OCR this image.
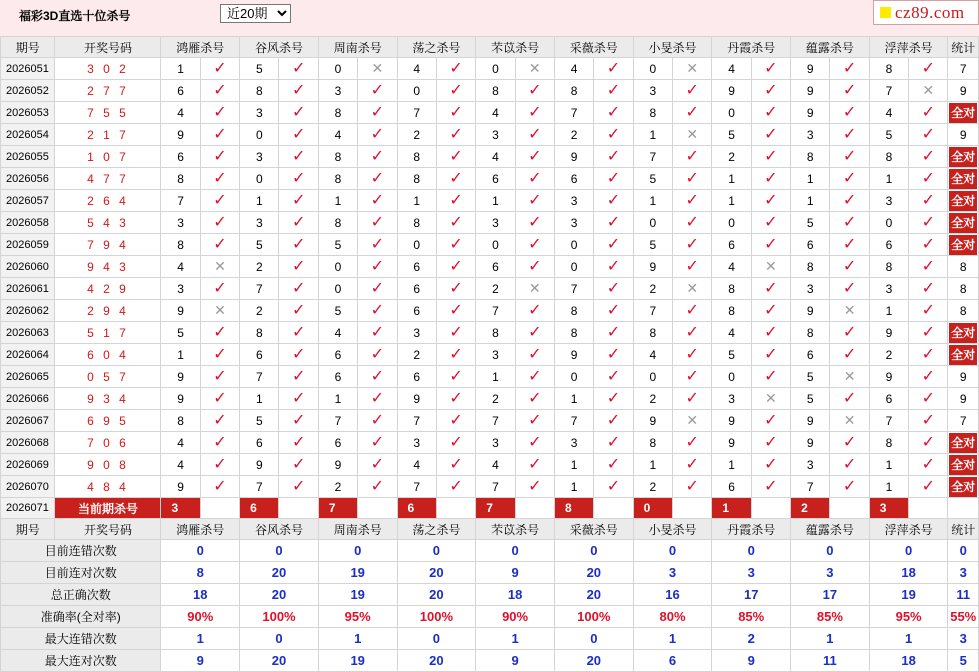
福彩3D直选十位杀号
近20期	cz89.com
期号	开奖号码	鸿雁杀号		谷风杀号		周南杀号		荡之杀号		芣苡杀号		采薇杀号		小旻杀号		丹霞杀号		蕴露杀号		浮萍杀号		统计
2026051	3 0 2	1	✓	5	✓	0	✕	4	✓	0	✕	4	✓	0	✕	4	✓	9	✓	8	✓	7
2026052	2 7 7	6	✓	8	✓	3	✓	0	✓	8	✓	8	✓	3	✓	9	✓	9	✓	7	✕	9
2026053	7 5 5	4	✓	3	✓	8	✓	7	✓	4	✓	7	✓	8	✓	0	✓	9	✓	4	✓	全对
2026054	2 1 7	9	✓	0	✓	4	✓	2	✓	3	✓	2	✓	1	✕	5	✓	3	✓	5	✓	9
2026055	1 0 7	6	✓	3	✓	8	✓	8	✓	4	✓	9	✓	7	✓	2	✓	8	✓	8	✓	全对
2026056	4 7 7	8	✓	0	✓	8	✓	8	✓	6	✓	6	✓	5	✓	1	✓	1	✓	1	✓	全对
2026057	2 6 4	7	✓	1	✓	1	✓	1	✓	1	✓	3	✓	1	✓	1	✓	1	✓	3	✓	全对
2026058	5 4 3	3	✓	3	✓	8	✓	8	✓	3	✓	3	✓	0	✓	0	✓	5	✓	0	✓	全对
2026059	7 9 4	8	✓	5	✓	5	✓	0	✓	0	✓	0	✓	5	✓	6	✓	6	✓	6	✓	全对
2026060	9 4 3	4	✕	2	✓	0	✓	6	✓	6	✓	0	✓	9	✓	4	✕	8	✓	8	✓	8
2026061	4 2 9	3	✓	7	✓	0	✓	6	✓	2	✕	7	✓	2	✕	8	✓	3	✓	3	✓	8
2026062	2 9 4	9	✕	2	✓	5	✓	6	✓	7	✓	8	✓	7	✓	8	✓	9	✕	1	✓	8
2026063	5 1 7	5	✓	8	✓	4	✓	3	✓	8	✓	8	✓	8	✓	4	✓	8	✓	9	✓	全对
2026064	6 0 4	1	✓	6	✓	6	✓	2	✓	3	✓	9	✓	4	✓	5	✓	6	✓	2	✓	全对
2026065	0 5 7	9	✓	7	✓	6	✓	6	✓	1	✓	0	✓	0	✓	0	✓	5	✕	9	✓	9
2026066	9 3 4	9	✓	1	✓	1	✓	9	✓	2	✓	1	✓	2	✓	3	✕	5	✓	6	✓	9
2026067	6 9 5	8	✓	5	✓	7	✓	7	✓	7	✓	7	✓	9	✕	9	✓	9	✕	7	✓	7
2026068	7 0 6	4	✓	6	✓	6	✓	3	✓	3	✓	3	✓	8	✓	9	✓	9	✓	8	✓	全对
2026069	9 0 8	4	✓	9	✓	9	✓	4	✓	4	✓	1	✓	1	✓	1	✓	3	✓	1	✓	全对
2026070	4 8 4	9	✓	7	✓	2	✓	7	✓	7	✓	1	✓	2	✓	6	✓	7	✓	1	✓	全对
2026071	当前期杀号	3		6		7		6		7		8		0		1		2		3		
期号	开奖号码	鸿雁杀号		谷风杀号		周南杀号		荡之杀号		芣苡杀号		采薇杀号		小旻杀号		丹霞杀号		蕴露杀号		浮萍杀号		统计
目前连错次数		0		0		0		0		0		0		0		0		0		0		0
目前连对次数		8		20		19		20		9		20		3		3		3		18		3
总正确次数		18		20		19		20		18		20		16		17		17		19		11
准确率(全对率)		90%		100%		95%		100%		90%		100%		80%		85%		85%		95%		55%
最大连错次数		1		0		1		0		1		0		1		2		1		1		3
最大连对次数		9		20		19		20		9		20		6		9		11		18		5
